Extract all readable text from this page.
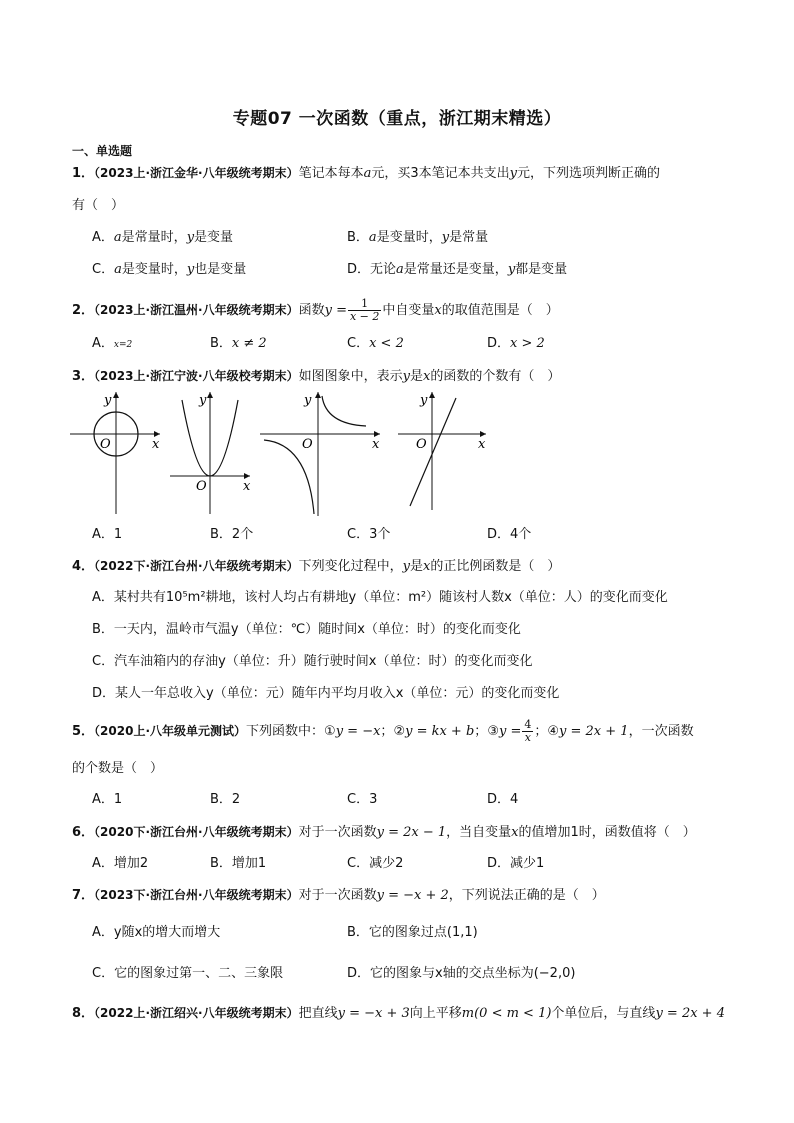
专题07 一次函数（重点，浙江期末精选）
一、单选题
1．（2023上·浙江金华·八年级统考期末）笔记本每本a元，买3本笔记本共支出y元，下列选项判断正确的
有（　）
A．a是常量时，y是变量	B．a是变量时，y是常量
C．a是变量时，y也是变量	D．无论a是常量还是变量，y都是变量
2．（2023上·浙江温州·八年级统考期末）函数$y = \frac{1}{x - 2}$ 中自变量x的取值范围是（　）
A．x=2	B．x ≠ 2	C．x < 2	D．x > 2
3．（2023上·浙江宁波·八年级校考期末）如图图象中，表示y是x的函数的个数有（　）
y
x
O
y
x
O
y
x
O
y
x
O
A．1	B．2个	C．3个	D．4个
4．（2022下·浙江台州·八年级统考期末）下列变化过程中，y是x的正比例函数是（　）
A．某村共有10⁵m²耕地，该村人均占有耕地y（单位：m²）随该村人数x（单位：人）的变化而变化
B．一天内，温岭市气温y（单位：℃）随时间x（单位：时）的变化而变化
C．汽车油箱内的存油y（单位：升）随行驶时间x（单位：时）的变化而变化
D．某人一年总收入y（单位：元）随年内平均月收入x（单位：元）的变化而变化
5．（2020上·八年级单元测试）下列函数中：①y = −x；②y = kx + b；③y = $\frac{4}{x}$ ；④y = 2x + 1，一次函数
的个数是（　）
A．1	B．2	C．3	D．4
6．（2020下·浙江台州·八年级统考期末）对于一次函数y = 2x − 1，当自变量x的值增加1时，函数值将（　）
A．增加2	B．增加1	C．减少2	D．减少1
7．（2023下·浙江台州·八年级统考期末）对于一次函数y = −x + 2，下列说法正确的是（　）
A．y随x的增大而增大	B．它的图象过点(1,1)
C．它的图象过第一、二、三象限	D．它的图象与x轴的交点坐标为(−2,0)
8．（2022上·浙江绍兴·八年级统考期末）把直线y = −x + 3向上平移m(0 < m < 1)个单位后，与直线y = 2x + 4
